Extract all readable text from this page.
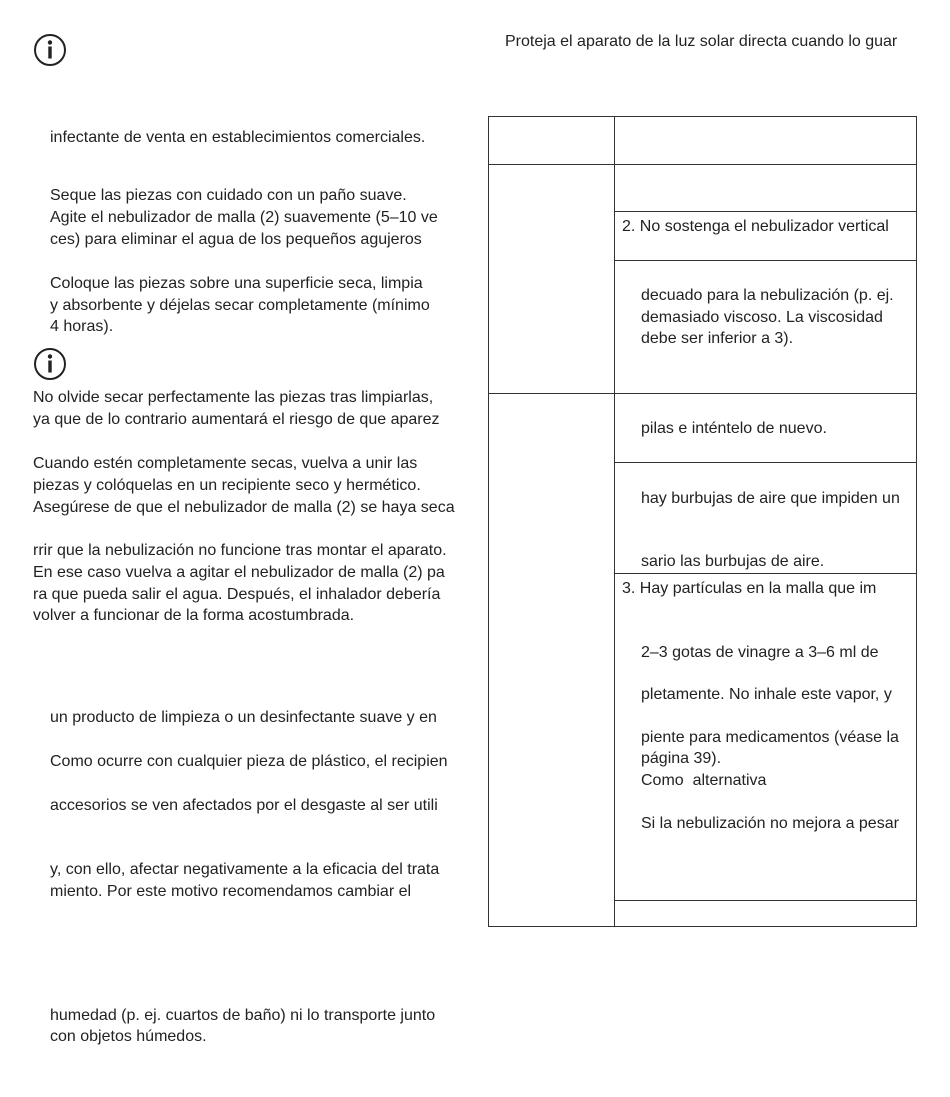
Proteja el aparato de la luz solar directa cuando lo guar

infectante de venta en establecimientos comerciales.

Seque las piezas con cuidado con un paño suave.

Agite el nebulizador de malla (2) suavemente (5–10 ve

ces) para eliminar el agua de los pequeños agujeros

Coloque las piezas sobre una superficie seca, limpia

y absorbente y déjelas secar completamente (mínimo

4 horas).

No olvide secar perfectamente las piezas tras limpiarlas,

ya que de lo contrario aumentará el riesgo de que aparez

Cuando estén completamente secas, vuelva a unir las

piezas y colóquelas en un recipiente seco y hermético.

Asegúrese de que el nebulizador de malla (2) se haya seca

rrir que la nebulización no funcione tras montar el aparato.

En ese caso vuelva a agitar el nebulizador de malla (2) pa

ra que pueda salir el agua. Después, el inhalador debería

volver a funcionar de la forma acostumbrada.

un producto de limpieza o un desinfectante suave y en

Como ocurre con cualquier pieza de plástico, el recipien

accesorios se ven afectados por el desgaste al ser utili

y, con ello, afectar negativamente a la eficacia del trata

miento. Por este motivo recomendamos cambiar el

humedad (p. ej. cuartos de baño) ni lo transporte junto

con objetos húmedos.

2. No sostenga el nebulizador vertical

decuado para la nebulización (p. ej.

demasiado viscoso. La viscosidad

debe ser inferior a 3).

pilas e inténtelo de nuevo.

hay burbujas de aire que impiden un

sario las burbujas de aire.

3. Hay partículas en la malla que im

2–3 gotas de vinagre a 3–6 ml de

pletamente. No inhale este vapor, y

piente para medicamentos (véase la

página 39).

Como  alternativa

Si la nebulización no mejora a pesar
